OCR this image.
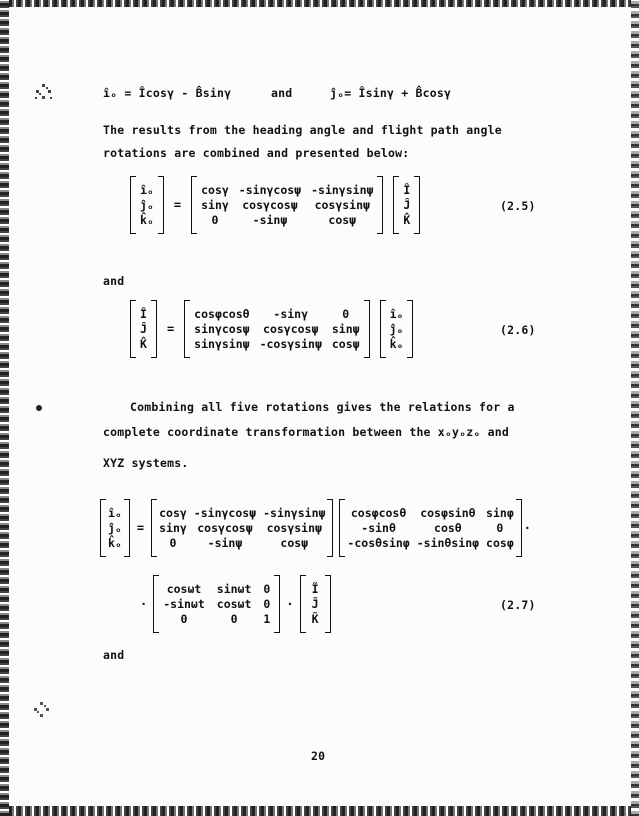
îₒ = Îcosγ - B̂sinγ	and	ĵₒ= Îsinγ + B̂cosγ
The results from the heading angle and flight path angle
rotations are combined and presented below:
îₒ
ĵₒ
k̂ₒ
=
cosγ -sinγcosψ -sinγsinψ
sinγ	cosγcosψ	cosγsinψ
0	-sinψ	cosψ
Î
Ĵ
K̂
(2.5)
and
Î
Ĵ
K̂
=
cosφcosθ	-sinγ	0
sinγcosψ	cosγcosψ	sinψ
sinγsinψ -cosγsinψ cosψ
îₒ
ĵₒ
k̂ₒ
(2.6)
Combining all five rotations gives the relations for a
complete coordinate transformation between the xₒyₒzₒ and
XYZ systems.
îₒ
ĵₒ
k̂ₒ
=
cosγ -sinγcosψ -sinγsinψ
sinγ cosγcosψ	cosγsinψ
0	-sinψ	cosψ
cosφcosθ	cosφsinθ sinφ
-sinθ	cosθ	0
-cosθsinφ -sinθsinφ cosφ
·
·
cosωt	sinωt 0
-sinωt cosωt 0
0	0	1
·
Ĩ
J̃
K̃
(2.7)
and
20
